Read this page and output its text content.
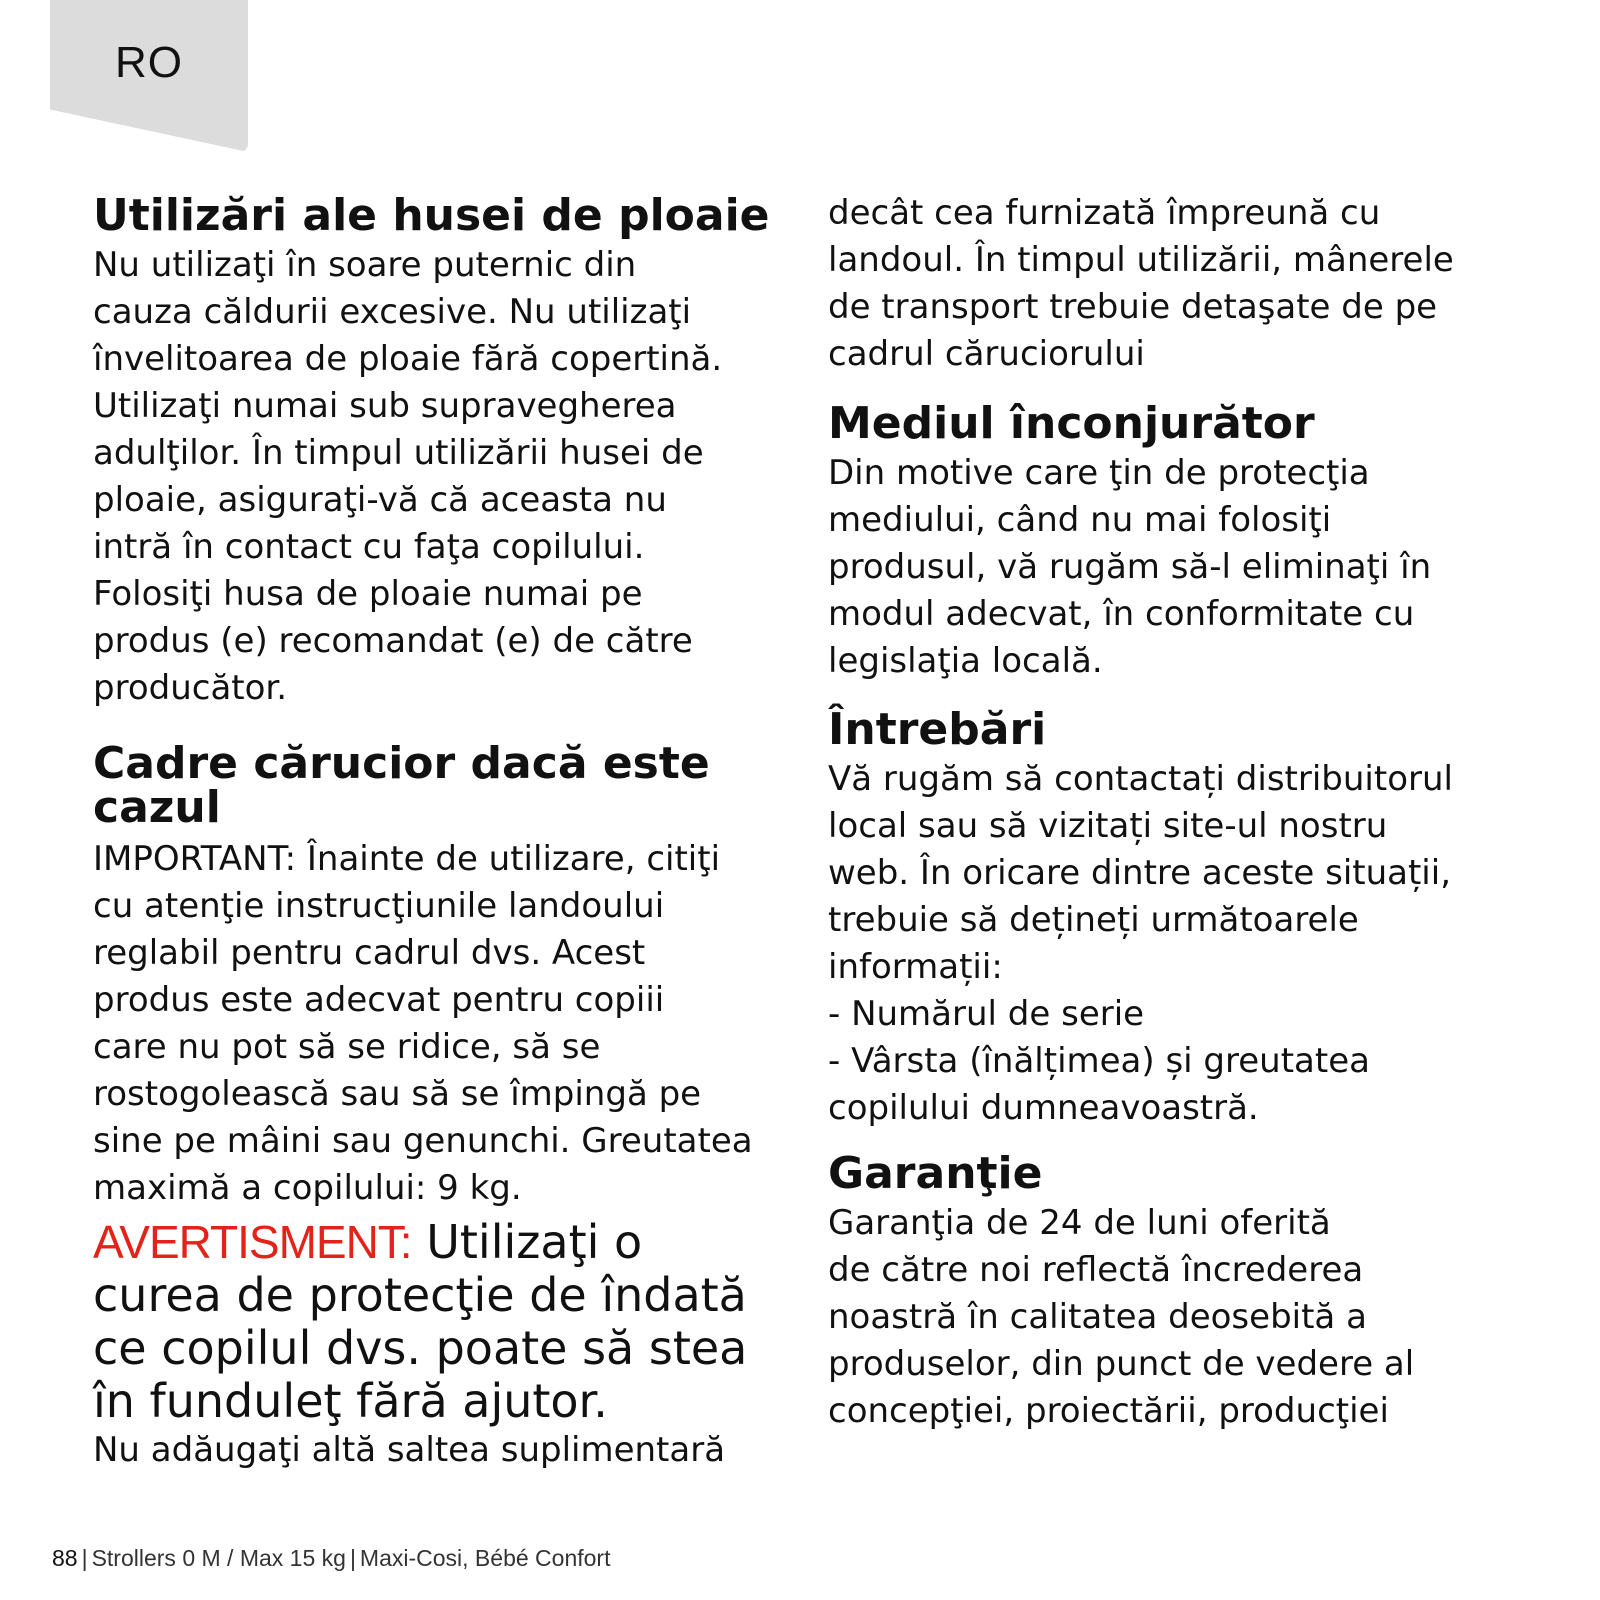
RO
Utilizări ale husei de ploaie

Nu utilizaţi în soare puternic din
cauza căldurii excesive. Nu utilizaţi
învelitoarea de ploaie fără copertină.
Utilizaţi numai sub supravegherea
adulţilor. În timpul utilizării husei de
ploaie, asiguraţi-vă că aceasta nu
intră în contact cu faţa copilului.
Folosiţi husa de ploaie numai pe
produs (e) recomandat (e) de către
producător.

Cadre cărucior dacă este
cazul

IMPORTANT: Înainte de utilizare, citiţi
cu atenţie instrucţiunile landoului
reglabil pentru cadrul dvs. Acest
produs este adecvat pentru copiii
care nu pot să se ridice, să se
rostogolească sau să se împingă pe
sine pe mâini sau genunchi. Greutatea
maximă a copilului: 9 kg.

AVERTISMENT: Utilizaţi o
curea de protecţie de îndată
ce copilul dvs. poate să stea
în funduleţ fără ajutor.

Nu adăugaţi altă saltea suplimentară

decât cea furnizată împreună cu
landoul. În timpul utilizării, mânerele
de transport trebuie detaşate de pe
cadrul căruciorului

Mediul înconjurător

Din motive care ţin de protecţia
mediului, când nu mai folosiţi
produsul, vă rugăm să-l eliminaţi în
modul adecvat, în conformitate cu
legislaţia locală.

Întrebări

Vă rugăm să contactați distribuitorul
local sau să vizitați site-ul nostru
web. În oricare dintre aceste situații,
trebuie să dețineți următoarele
informații:
- Numărul de serie
- Vârsta (înălțimea) și greutatea
copilului dumneavoastră.

Garanţie

Garanţia de 24 de luni oferită
de către noi reflectă încrederea
noastră în calitatea deosebită a
produselor, din punct de vedere al
concepţiei, proiectării, producţiei

88 | Strollers 0 M / Max 15 kg | Maxi-Cosi, Bébé Confort
